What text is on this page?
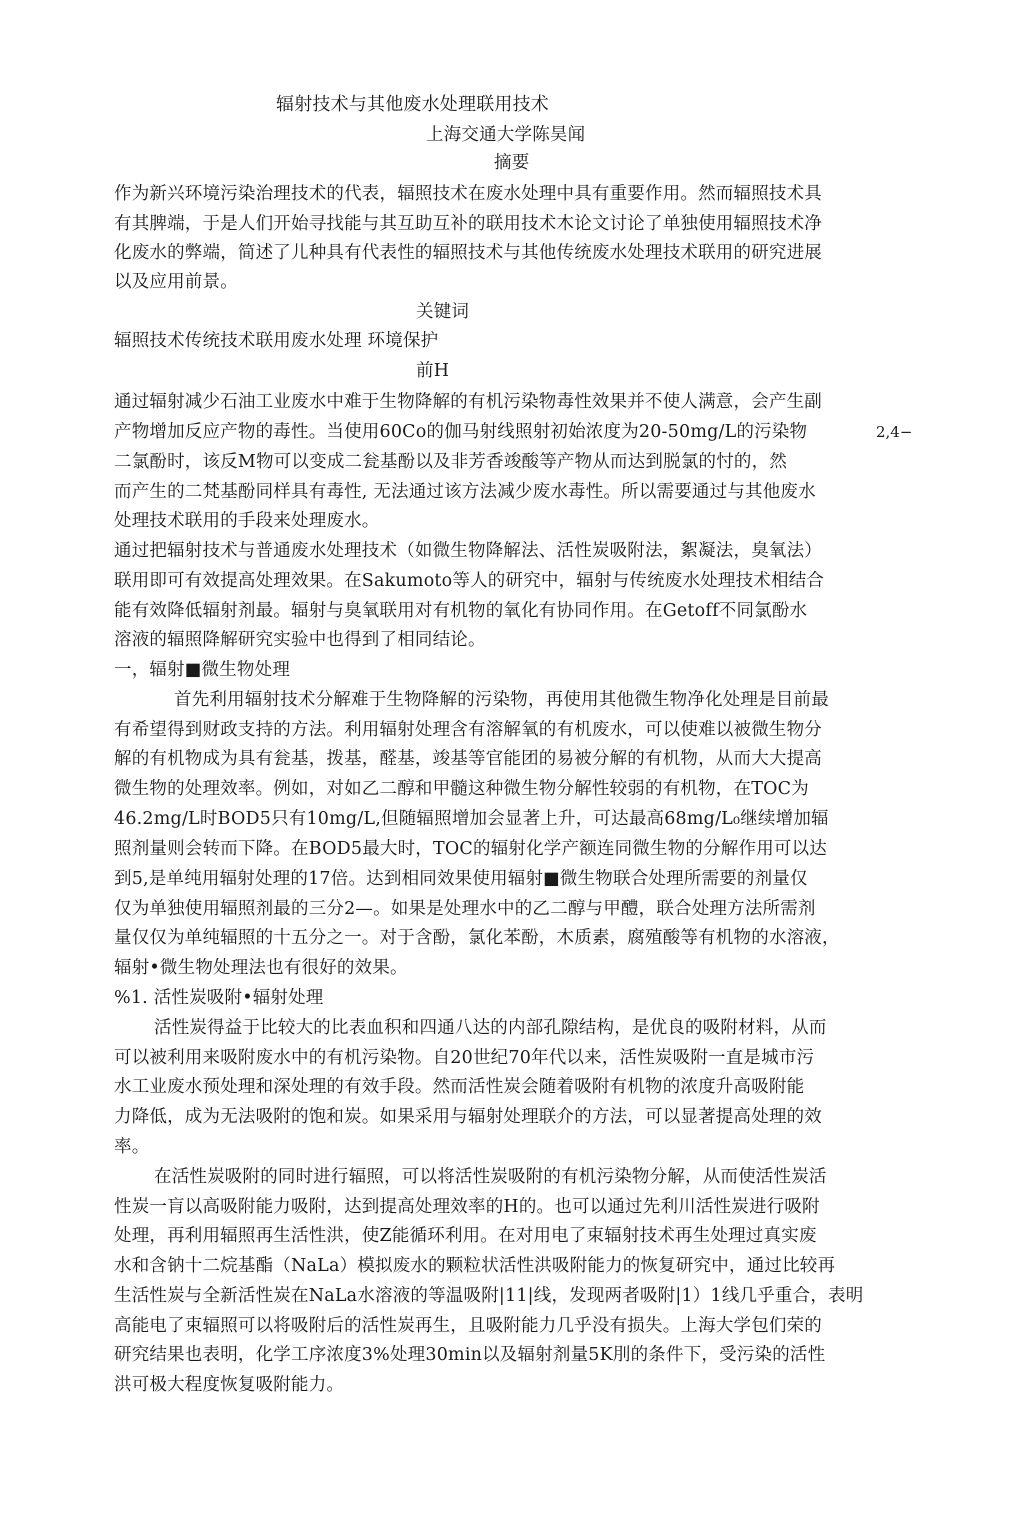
辐射技术与其他废水处理联用技术
上海交通大学陈昊闻
摘要
作为新兴环境污染治理技术的代表，辐照技术在废水处理中具有重要作用。然而辐照技术具
有其脾端，于是人们开始寻找能与其互助互补的联用技术木论文讨论了单独使用辐照技术净
化废水的弊端，简述了儿种具有代表性的辐照技术与其他传统废水处理技术联用的研究进展
以及应用前景。
关键词
辐照技术传统技术联用废水处理 环境保护
前H
通过辐射减少石油工业废水中难于生物降解的有机污染物毒性效果并不使人满意，会产生副
产物增加反应产物的毒性。当使用60Co的伽马射线照射初始浓度为20-50mg/L的污染物	2,4−
二氯酚时，该反M物可以变成二瓮基酚以及非芳香竣酸等产物从而达到脱氯的忖的，然
而产生的二梵基酚同样具有毒性, 无法通过该方法减少废水毒性。所以需要通过与其他废水
处理技术联用的手段来处理废水。
通过把辐射技术与普通废水处理技术（如微生物降解法、活性炭吸附法，絮凝法，臭氧法）
联用即可有效提高处理效果。在Sakumoto等人的研究中，辐射与传统废水处理技术相结合
能有效降低辐射剂最。辐射与臭氧联用对有机物的氧化有协同作用。在Getoff不同氯酚水
溶液的辐照降解研究实验中也得到了相同结论。
一，辐射■微生物处理
首先利用辐射技术分解难于生物降解的污染物，再使用其他微生物净化处理是目前最
有希望得到财政支持的方法。利用辐射处理含有溶解氧的有机废水，可以使难以被微生物分
解的有机物成为具有瓮基，拨基，醛基，竣基等官能团的易被分解的有机物，从而大大提高
微生物的处理效率。例如，对如乙二醇和甲髓这种微生物分解性较弱的有机物，在TOC为
46.2mg/L时BOD5只有10mg/L,但随辐照增加会显著上升，可达最高68mg/L₀继续增加辐
照剂量则会转而下降。在BOD5最大时，TOC的辐射化学产额连同微生物的分解作用可以达
到5,是单纯用辐射处理的17倍。达到相同效果使用辐射■微生物联合处理所需要的剂量仅
仅为单独使用辐照剂最的三分2—。如果是处理水中的乙二醇与甲醴，联合处理方法所需剂
量仅仅为单纯辐照的十五分之一。对于含酚，氯化苯酚，木质素，腐殖酸等有机物的水溶液，
辐射•微生物处理法也有很好的效果。
%1. 活性炭吸附•辐射处理
活性炭得益于比较大的比表血积和四通八达的内部孔隙结构，是优良的吸附材料，从而
可以被利用来吸附废水中的有机污染物。自20世纪70年代以来，活性炭吸附一直是城市污
水工业废水预处理和深处理的有效手段。然而活性炭会随着吸附有机物的浓度升高吸附能
力降低，成为无法吸附的饱和炭。如果采用与辐射处理联介的方法，可以显著提高处理的效
率。
在活性炭吸附的同时进行辐照，可以将活性炭吸附的有机污染物分解，从而使活性炭活
性炭一肓以高吸附能力吸附，达到提高处理效率的H的。也可以通过先利川活性炭进行吸附
处理，再利用辐照再生活性洪，使Z能循环利用。在对用电了束辐射技术再生处理过真实废
水和含钠十二烷基酯（NaLa）模拟废水的颗粒状活性洪吸附能力的恢复研究中，通过比较再
生活性炭与全新活性炭在NaLa水溶液的等温吸附|11|线，发现两者吸附|1）1线几乎重合，表明
高能电了束辐照可以将吸附后的活性炭再生，且吸附能力几乎没有损失。上海大学包们荣的
研究结果也表明，化学工序浓度3%处理30min以及辐射剂量5K刖的条件下，受污染的活性
洪可极大程度恢复吸附能力。
